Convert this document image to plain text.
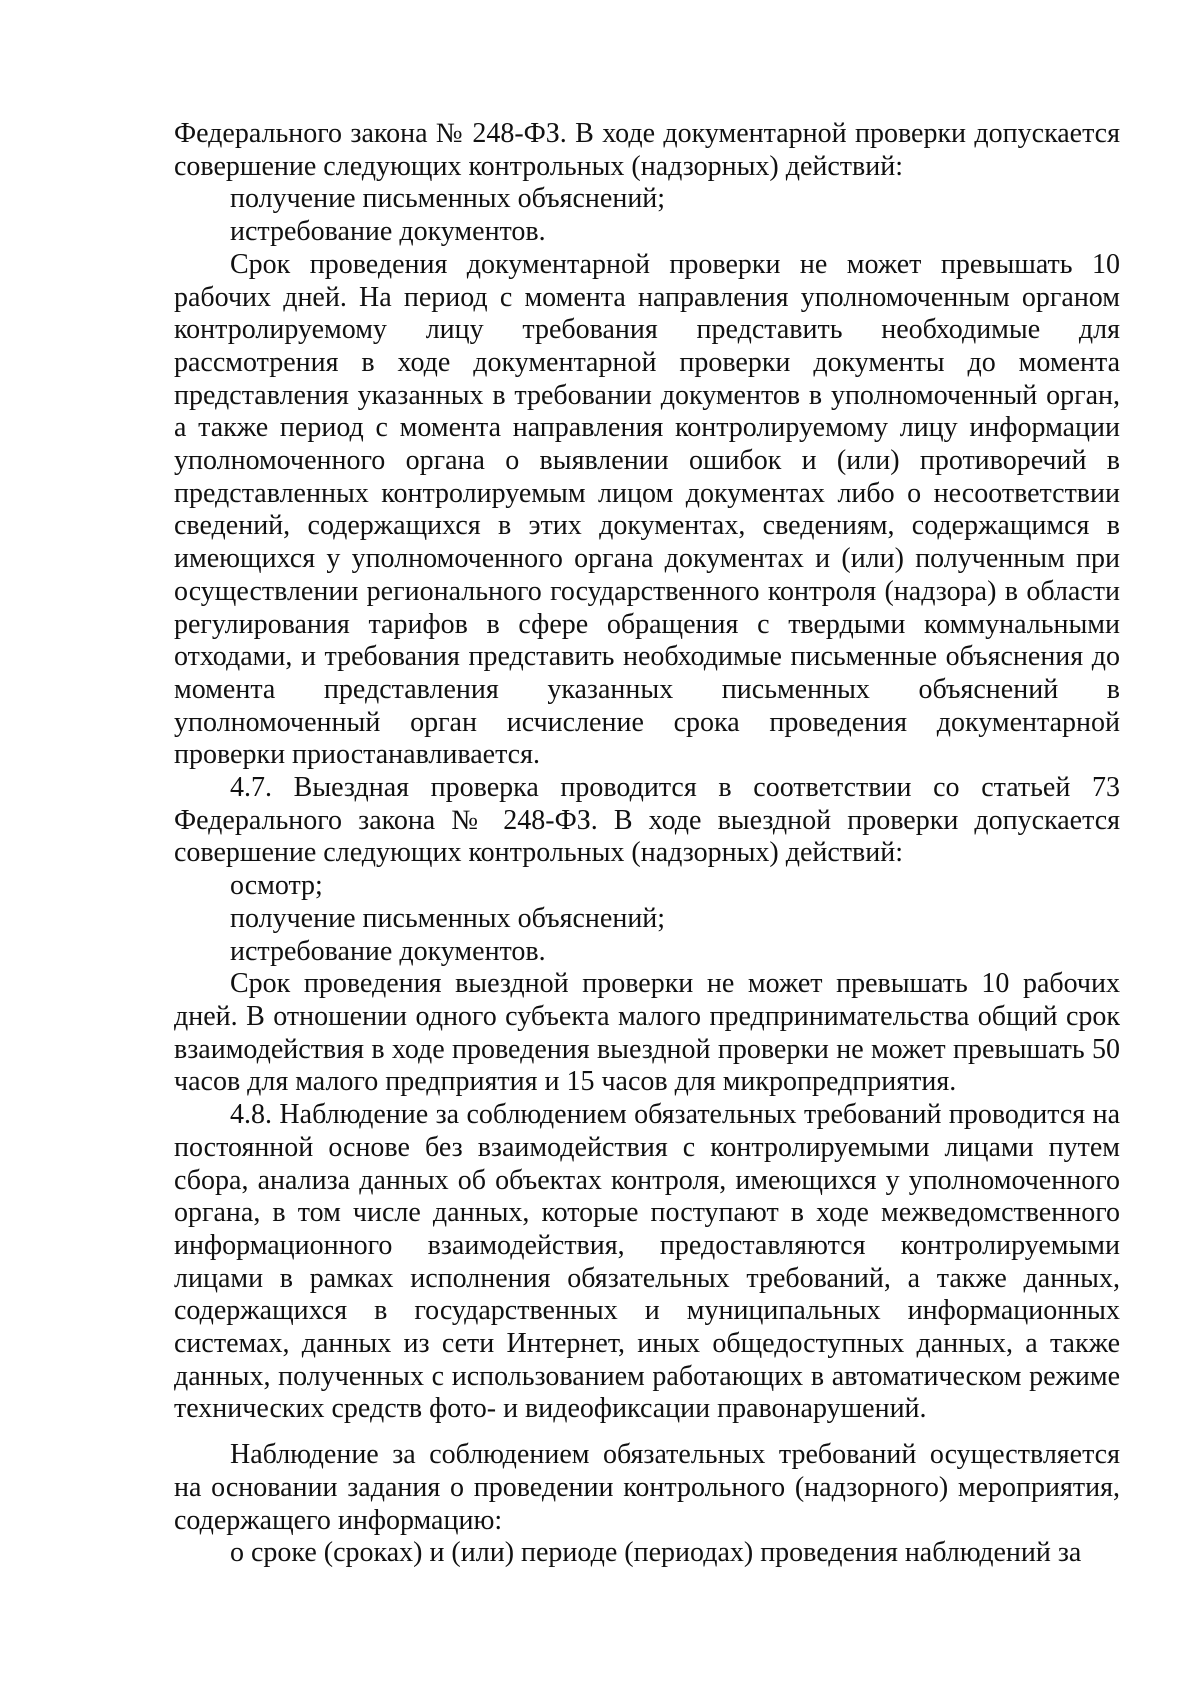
Федерального закона № 248-ФЗ. В ходе документарной проверки допускается совершение следующих контрольных (надзорных) действий:

получение письменных объяснений;

истребование документов.

Срок проведения документарной проверки не может превышать 10 рабочих дней. На период с момента направления уполномоченным органом контролируемому лицу требования представить необходимые для рассмотрения в ходе документарной проверки документы до момента представления указанных в требовании документов в уполномоченный орган, а также период с момента направления контролируемому лицу информации уполномоченного органа о выявлении ошибок и (или) противоречий в представленных контролируемым лицом документах либо о несоответствии сведений, содержащихся в этих документах, сведениям, содержащимся в имеющихся у уполномоченного органа документах и (или) полученным при осуществлении регионального государственного контроля (надзора) в области регулирования тарифов в сфере обращения с твердыми коммунальными отходами, и требования представить необходимые письменные объяснения до момента представления указанных письменных объяснений в уполномоченный орган исчисление срока проведения документарной проверки приостанавливается.

4.7. Выездная проверка проводится в соответствии со статьей 73 Федерального закона № 248-ФЗ. В ходе выездной проверки допускается совершение следующих контрольных (надзорных) действий:

осмотр;

получение письменных объяснений;

истребование документов.

Срок проведения выездной проверки не может превышать 10 рабочих дней. В отношении одного субъекта малого предпринимательства общий срок взаимодействия в ходе проведения выездной проверки не может превышать 50 часов для малого предприятия и 15 часов для микропредприятия.

4.8. Наблюдение за соблюдением обязательных требований проводится на постоянной основе без взаимодействия с контролируемыми лицами путем сбора, анализа данных об объектах контроля, имеющихся у уполномоченного органа, в том числе данных, которые поступают в ходе межведомственного информационного взаимодействия, предоставляются контролируемыми лицами в рамках исполнения обязательных требований, а также данных, содержащихся в государственных и муниципальных информационных системах, данных из сети Интернет, иных общедоступных данных, а также данных, полученных с использованием работающих в автоматическом режиме технических средств фото- и видеофиксации правонарушений.

Наблюдение за соблюдением обязательных требований осуществляется на основании задания о проведении контрольного (надзорного) мероприятия, содержащего информацию:

о сроке (сроках) и (или) периоде (периодах) проведения наблюдений за
